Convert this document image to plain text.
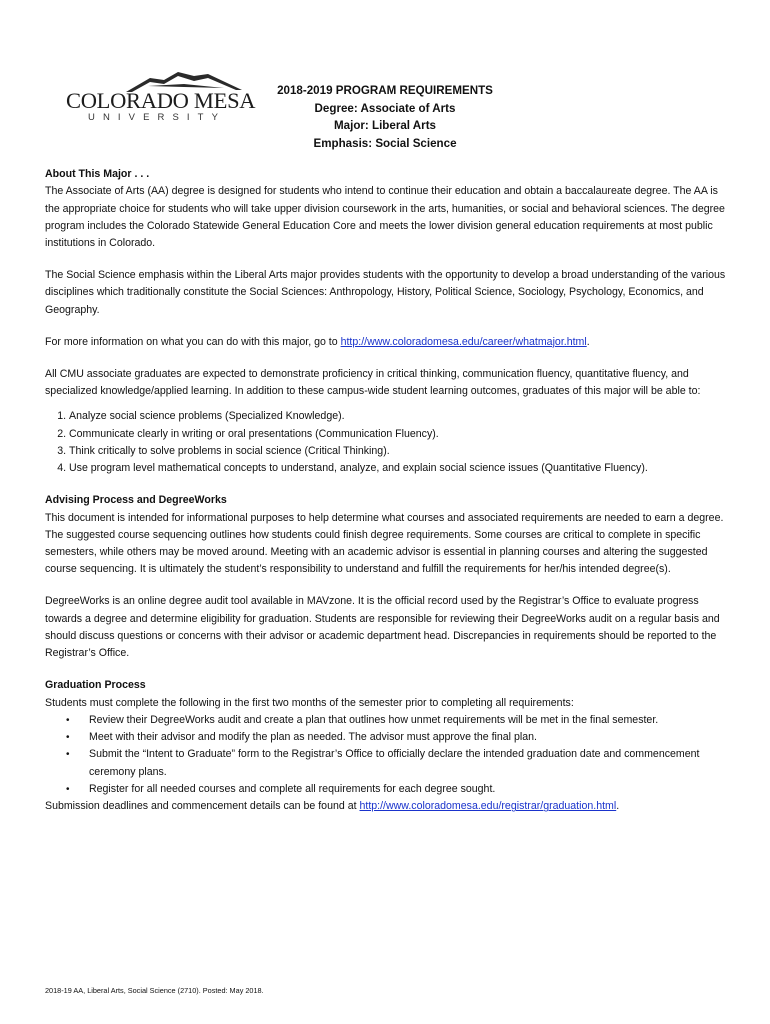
COLORADO MESA
UNIVERSITY
2018-2019 PROGRAM REQUIREMENTS
Degree: Associate of Arts
Major: Liberal Arts
Emphasis: Social Science
About This Major . . .

The Associate of Arts (AA) degree is designed for students who intend to continue their education and obtain a baccalaureate degree. The AA is the appropriate choice for students who will take upper division coursework in the arts, humanities, or social and behavioral sciences. The degree program includes the Colorado Statewide General Education Core and meets the lower division general education requirements at most public institutions in Colorado.

The Social Science emphasis within the Liberal Arts major provides students with the opportunity to develop a broad understanding of the various disciplines which traditionally constitute the Social Sciences: Anthropology, History, Political Science, Sociology, Psychology, Economics, and Geography.

For more information on what you can do with this major, go to http://www.coloradomesa.edu/career/whatmajor.html.

All CMU associate graduates are expected to demonstrate proficiency in critical thinking, communication fluency, quantitative fluency, and specialized knowledge/applied learning. In addition to these campus-wide student learning outcomes, graduates of this major will be able to:

1. Analyze social science problems (Specialized Knowledge).
2. Communicate clearly in writing or oral presentations (Communication Fluency).
3. Think critically to solve problems in social science (Critical Thinking).
4. Use program level mathematical concepts to understand, analyze, and explain social science issues (Quantitative Fluency).
Advising Process and DegreeWorks

This document is intended for informational purposes to help determine what courses and associated requirements are needed to earn a degree. The suggested course sequencing outlines how students could finish degree requirements. Some courses are critical to complete in specific semesters, while others may be moved around. Meeting with an academic advisor is essential in planning courses and altering the suggested course sequencing. It is ultimately the student’s responsibility to understand and fulfill the requirements for her/his intended degree(s).

DegreeWorks is an online degree audit tool available in MAVzone. It is the official record used by the Registrar’s Office to evaluate progress towards a degree and determine eligibility for graduation. Students are responsible for reviewing their DegreeWorks audit on a regular basis and should discuss questions or concerns with their advisor or academic department head. Discrepancies in requirements should be reported to the Registrar’s Office.

Graduation Process
Students must complete the following in the first two months of the semester prior to completing all requirements:
• Review their DegreeWorks audit and create a plan that outlines how unmet requirements will be met in the final semester.
• Meet with their advisor and modify the plan as needed. The advisor must approve the final plan.
• Submit the “Intent to Graduate” form to the Registrar’s Office to officially declare the intended graduation date and commencement ceremony plans.
• Register for all needed courses and complete all requirements for each degree sought.
Submission deadlines and commencement details can be found at http://www.coloradomesa.edu/registrar/graduation.html.
2018-19 AA, Liberal Arts, Social Science (2710). Posted: May 2018.
